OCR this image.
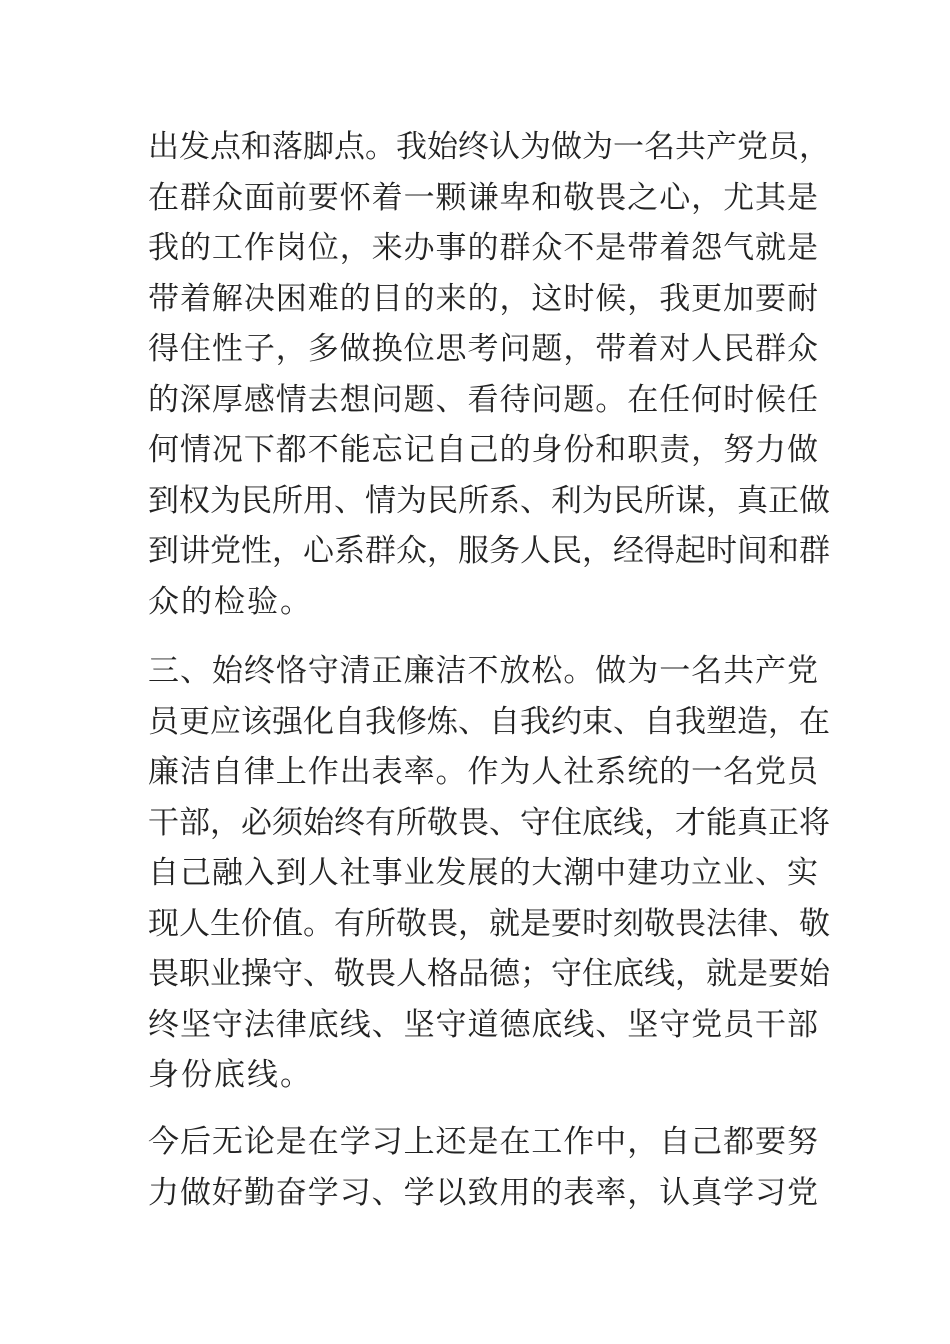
出发点和落脚点。我始终认为做为一名共产党员，
在群众面前要怀着一颗谦卑和敬畏之心，尤其是
我的工作岗位，来办事的群众不是带着怨气就是
带着解决困难的目的来的，这时候，我更加要耐
得住性子，多做换位思考问题，带着对人民群众
的深厚感情去想问题、看待问题。在任何时候任
何情况下都不能忘记自己的身份和职责，努力做
到权为民所用、情为民所系、利为民所谋，真正做
到讲党性，心系群众，服务人民，经得起时间和群
众的检验。
三、始终恪守清正廉洁不放松。做为一名共产党
员更应该强化自我修炼、自我约束、自我塑造，在
廉洁自律上作出表率。作为人社系统的一名党员
干部，必须始终有所敬畏、守住底线，才能真正将
自己融入到人社事业发展的大潮中建功立业、实
现人生价值。有所敬畏，就是要时刻敬畏法律、敬
畏职业操守、敬畏人格品德；守住底线，就是要始
终坚守法律底线、坚守道德底线、坚守党员干部
身份底线。
今后无论是在学习上还是在工作中，自己都要努
力做好勤奋学习、学以致用的表率，认真学习党
